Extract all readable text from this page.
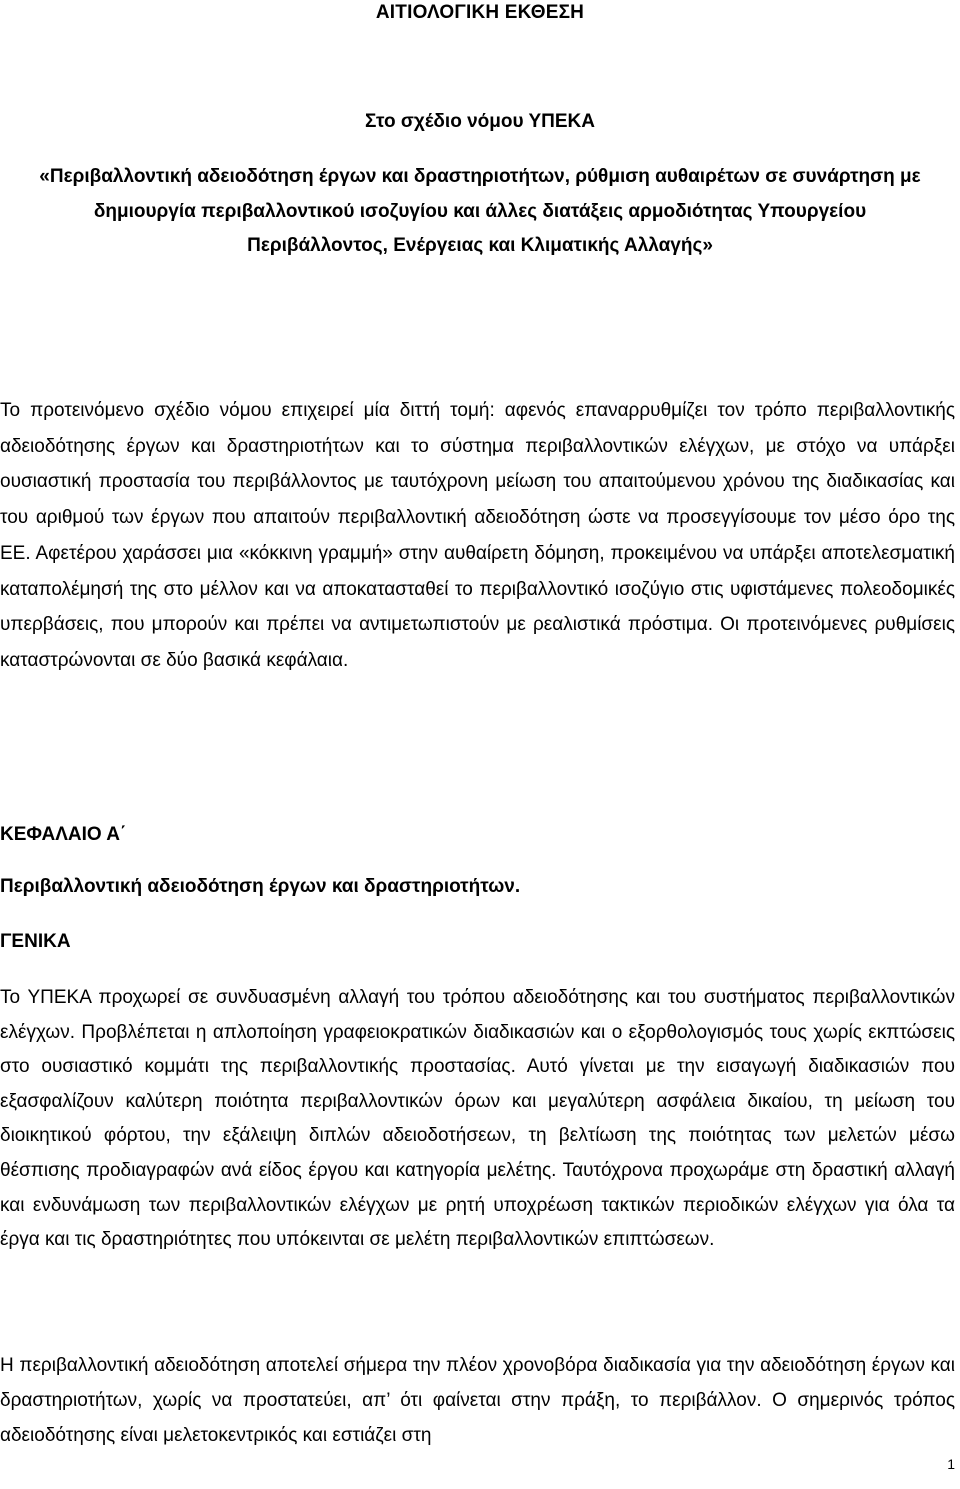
ΑΙΤΙΟΛΟΓΙΚΗ ΕΚΘΕΣΗ

Στο σχέδιο νόμου ΥΠΕΚΑ

«Περιβαλλοντική αδειοδότηση έργων και δραστηριοτήτων, ρύθμιση αυθαιρέτων σε συνάρτηση με δημιουργία περιβαλλοντικού ισοζυγίου και άλλες διατάξεις αρμοδιότητας Υπουργείου Περιβάλλοντος, Ενέργειας και Κλιματικής Αλλαγής»

Το προτεινόμενο σχέδιο νόμου επιχειρεί μία διττή τομή: αφενός επαναρρυθμίζει τον τρόπο περιβαλλοντικής αδειοδότησης έργων και δραστηριοτήτων και το σύστημα περιβαλλοντικών ελέγχων, με στόχο να υπάρξει ουσιαστική προστασία του περιβάλλοντος με ταυτόχρονη μείωση του απαιτούμενου χρόνου της διαδικασίας και του αριθμού των έργων που απαιτούν περιβαλλοντική αδειοδότηση ώστε να προσεγγίσουμε τον μέσο όρο της ΕΕ. Αφετέρου χαράσσει μια «κόκκινη γραμμή» στην αυθαίρετη δόμηση, προκειμένου να υπάρξει αποτελεσματική καταπολέμησή της στο μέλλον και να αποκατασταθεί το περιβαλλοντικό ισοζύγιο στις υφιστάμενες πολεοδομικές υπερβάσεις, που μπορούν και πρέπει να αντιμετωπιστούν με ρεαλιστικά πρόστιμα. Οι προτεινόμενες ρυθμίσεις καταστρώνονται σε δύο βασικά κεφάλαια.

ΚΕΦΑΛΑΙΟ Α΄
Περιβαλλοντική αδειοδότηση έργων και δραστηριοτήτων.
ΓΕΝΙΚΑ

Το ΥΠΕΚΑ προχωρεί σε συνδυασμένη αλλαγή του τρόπου αδειοδότησης και του συστήματος περιβαλλοντικών ελέγχων. Προβλέπεται η απλοποίηση γραφειοκρατικών διαδικασιών και ο εξορθολογισμός τους χωρίς εκπτώσεις στο ουσιαστικό κομμάτι της περιβαλλοντικής προστασίας. Αυτό γίνεται με την εισαγωγή διαδικασιών που εξασφαλίζουν καλύτερη ποιότητα περιβαλλοντικών όρων και μεγαλύτερη ασφάλεια δικαίου, τη μείωση του διοικητικού φόρτου, την εξάλειψη διπλών αδειοδοτήσεων, τη βελτίωση της ποιότητας των μελετών μέσω θέσπισης προδιαγραφών ανά είδος έργου και κατηγορία μελέτης. Ταυτόχρονα προχωράμε στη δραστική αλλαγή και ενδυνάμωση των περιβαλλοντικών ελέγχων με ρητή υποχρέωση τακτικών περιοδικών ελέγχων για όλα τα έργα και τις δραστηριότητες που υπόκεινται σε μελέτη περιβαλλοντικών επιπτώσεων.

Η περιβαλλοντική αδειοδότηση αποτελεί σήμερα την πλέον χρονοβόρα διαδικασία για την αδειοδότηση έργων και δραστηριοτήτων, χωρίς να προστατεύει, απ’ ότι φαίνεται στην πράξη, το περιβάλλον. Ο σημερινός τρόπος αδειοδότησης είναι μελετοκεντρικός και εστιάζει στη

1
